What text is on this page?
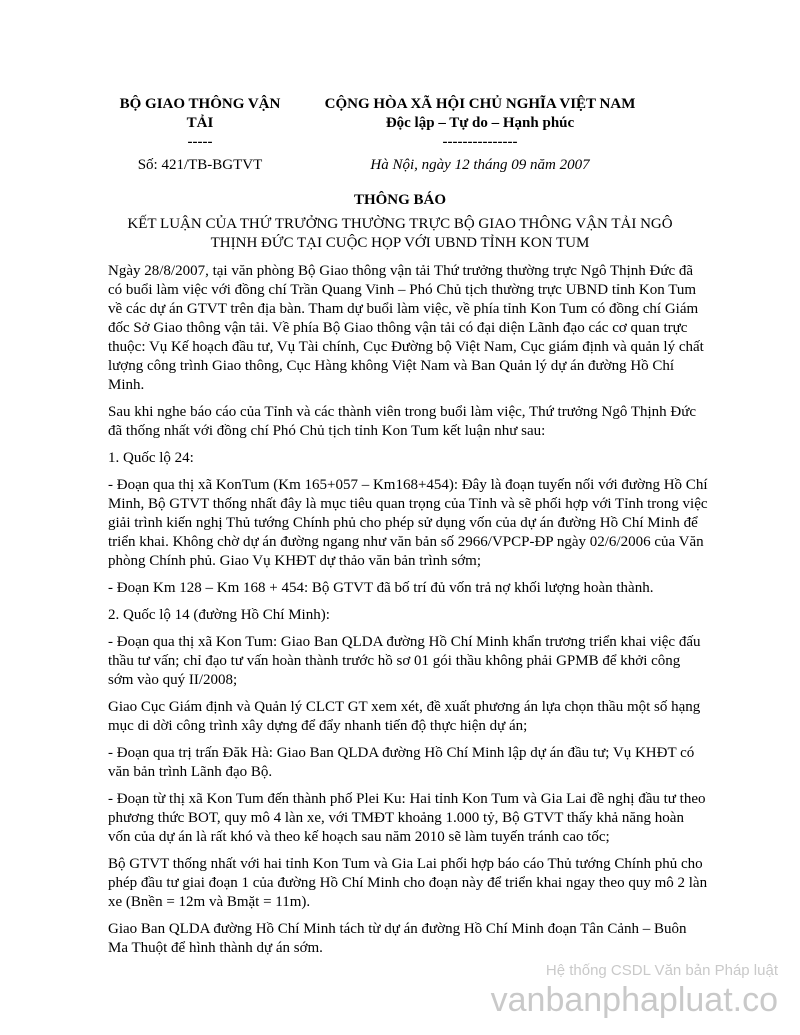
BỘ GIAO THÔNG VẬN
TẢI
-----
Số: 421/TB-BGTVT
CỘNG HÒA XÃ HỘI CHỦ NGHĨA VIỆT NAM
Độc lập – Tự do – Hạnh phúc
---------------
Hà Nội, ngày 12 tháng 09 năm 2007
THÔNG BÁO
KẾT LUẬN CỦA THỨ TRƯỞNG THƯỜNG TRỰC BỘ GIAO THÔNG VẬN TẢI NGÔ
THỊNH ĐỨC TẠI CUỘC HỌP VỚI UBND TỈNH KON TUM

Ngày 28/8/2007, tại văn phòng Bộ Giao thông vận tải Thứ trưởng thường trực Ngô Thịnh Đức đã có buổi làm việc với đồng chí Trần Quang Vinh – Phó Chủ tịch thường trực UBND tỉnh Kon Tum về các dự án GTVT trên địa bàn. Tham dự buổi làm việc, về phía tỉnh Kon Tum có đồng chí Giám đốc Sở Giao thông vận tải. Về phía Bộ Giao thông vận tải có đại diện Lãnh đạo các cơ quan trực thuộc: Vụ Kế hoạch đầu tư, Vụ Tài chính, Cục Đường bộ Việt Nam, Cục giám định và quản lý chất lượng công trình Giao thông, Cục Hàng không Việt Nam và Ban Quản lý dự án đường Hồ Chí Minh.

Sau khi nghe báo cáo của Tỉnh và các thành viên trong buổi làm việc, Thứ trưởng Ngô Thịnh Đức đã thống nhất với đồng chí Phó Chủ tịch tỉnh Kon Tum kết luận như sau:

1. Quốc lộ 24:

- Đoạn qua thị xã KonTum (Km 165+057 – Km168+454): Đây là đoạn tuyến nối với đường Hồ Chí Minh, Bộ GTVT thống nhất đây là mục tiêu quan trọng của Tỉnh và sẽ phối hợp với Tỉnh trong việc giải trình kiến nghị Thủ tướng Chính phủ cho phép sử dụng vốn của dự án đường Hồ Chí Minh để triển khai. Không chờ dự án đường ngang như văn bản số 2966/VPCP-ĐP ngày 02/6/2006 của Văn phòng Chính phủ. Giao Vụ KHĐT dự thảo văn bản trình sớm;

- Đoạn Km 128 – Km 168 + 454: Bộ GTVT đã bố trí đủ vốn trả nợ khối lượng hoàn thành.

2. Quốc lộ 14 (đường Hồ Chí Minh):

- Đoạn qua thị xã Kon Tum: Giao Ban QLDA đường Hồ Chí Minh khẩn trương triển khai việc đấu thầu tư vấn; chỉ đạo tư vấn hoàn thành trước hồ sơ 01 gói thầu không phải GPMB để khởi công sớm vào quý II/2008;

Giao Cục Giám định và Quản lý CLCT GT xem xét, đề xuất phương án lựa chọn thầu một số hạng mục di dời công trình xây dựng để đẩy nhanh tiến độ thực hiện dự án;

- Đoạn qua trị trấn Đăk Hà: Giao Ban QLDA đường Hồ Chí Minh lập dự án đầu tư; Vụ KHĐT có văn bản trình Lãnh đạo Bộ.

- Đoạn từ thị xã Kon Tum đến thành phố Plei Ku: Hai tỉnh Kon Tum và Gia Lai đề nghị đầu tư theo phương thức BOT, quy mô 4 làn xe, với TMĐT khoảng 1.000 tỷ, Bộ GTVT thấy khả năng hoàn vốn của dự án là rất khó và theo kế hoạch sau năm 2010 sẽ làm tuyến tránh cao tốc;

Bộ GTVT thống nhất với hai tỉnh Kon Tum và Gia Lai phối hợp báo cáo Thủ tướng Chính phủ cho phép đầu tư giai đoạn 1 của đường Hồ Chí Minh cho đoạn này để triển khai ngay theo quy mô 2 làn xe (Bnền = 12m và Bmặt = 11m).

Giao Ban QLDA đường Hồ Chí Minh tách từ dự án đường Hồ Chí Minh đoạn Tân Cảnh – Buôn Ma Thuột để hình thành dự án sớm.

Hệ thống CSDL Văn bản Pháp luật
vanbanphapluat.co
